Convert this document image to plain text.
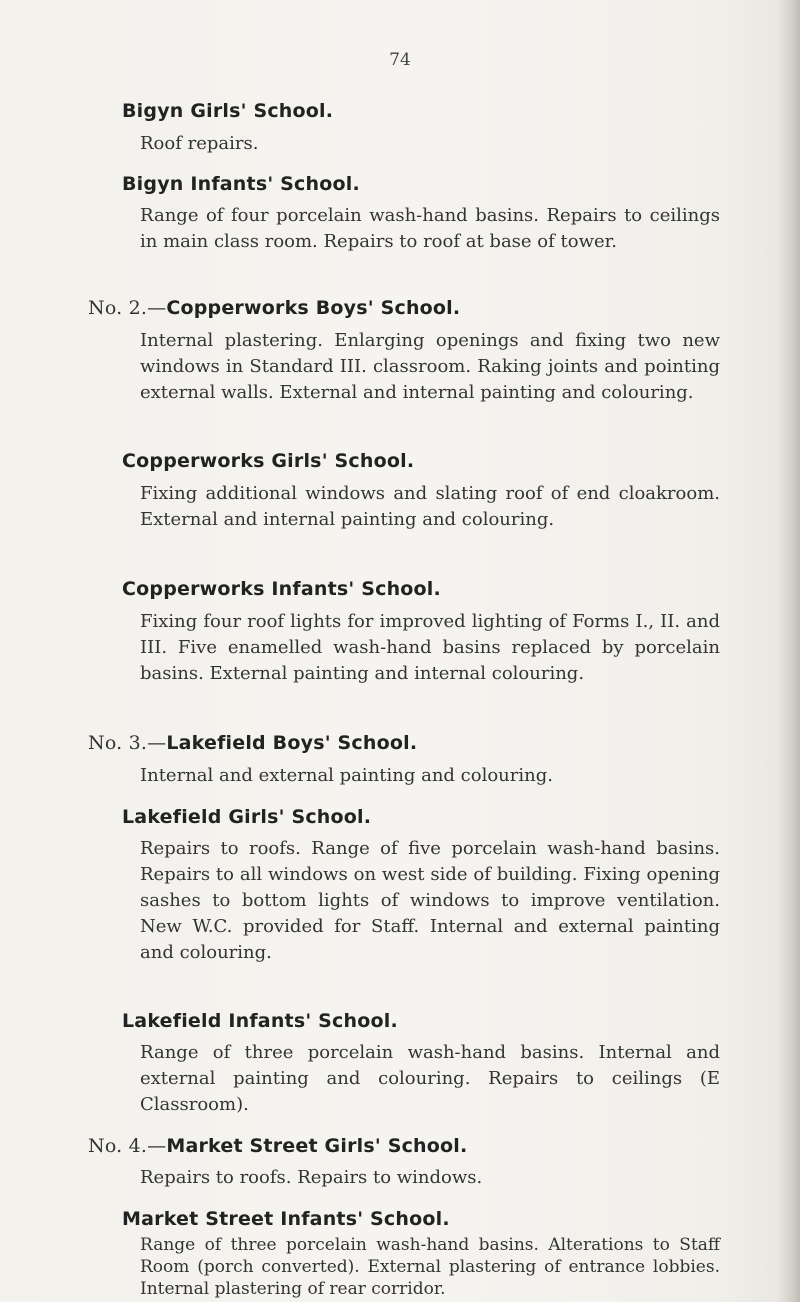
74
Bigyn Girls' School.
Roof repairs.
Bigyn Infants' School.
Range of four porcelain wash-hand basins. Repairs to ceilings in main class room. Repairs to roof at base of tower.
No. 2.—Copperworks Boys' School.
Internal plastering. Enlarging openings and fixing two new windows in Standard III. classroom. Raking joints and pointing external walls. External and internal painting and colouring.
Copperworks Girls' School.
Fixing additional windows and slating roof of end cloakroom. External and internal painting and colouring.
Copperworks Infants' School.
Fixing four roof lights for improved lighting of Forms I., II. and III. Five enamelled wash-hand basins replaced by porcelain basins. External painting and internal colouring.
No. 3.—Lakefield Boys' School.
Internal and external painting and colouring.
Lakefield Girls' School.
Repairs to roofs. Range of five porcelain wash-hand basins. Repairs to all windows on west side of building. Fixing opening sashes to bottom lights of windows to improve ventilation. New W.C. provided for Staff. Internal and external painting and colouring.
Lakefield Infants' School.
Range of three porcelain wash-hand basins. Internal and external painting and colouring. Repairs to ceilings (E Classroom).
No. 4.—Market Street Girls' School.
Repairs to roofs. Repairs to windows.
Market Street Infants' School.
Range of three porcelain wash-hand basins. Alterations to Staff Room (porch converted). External plastering of entrance lobbies. Internal plastering of rear corridor.
